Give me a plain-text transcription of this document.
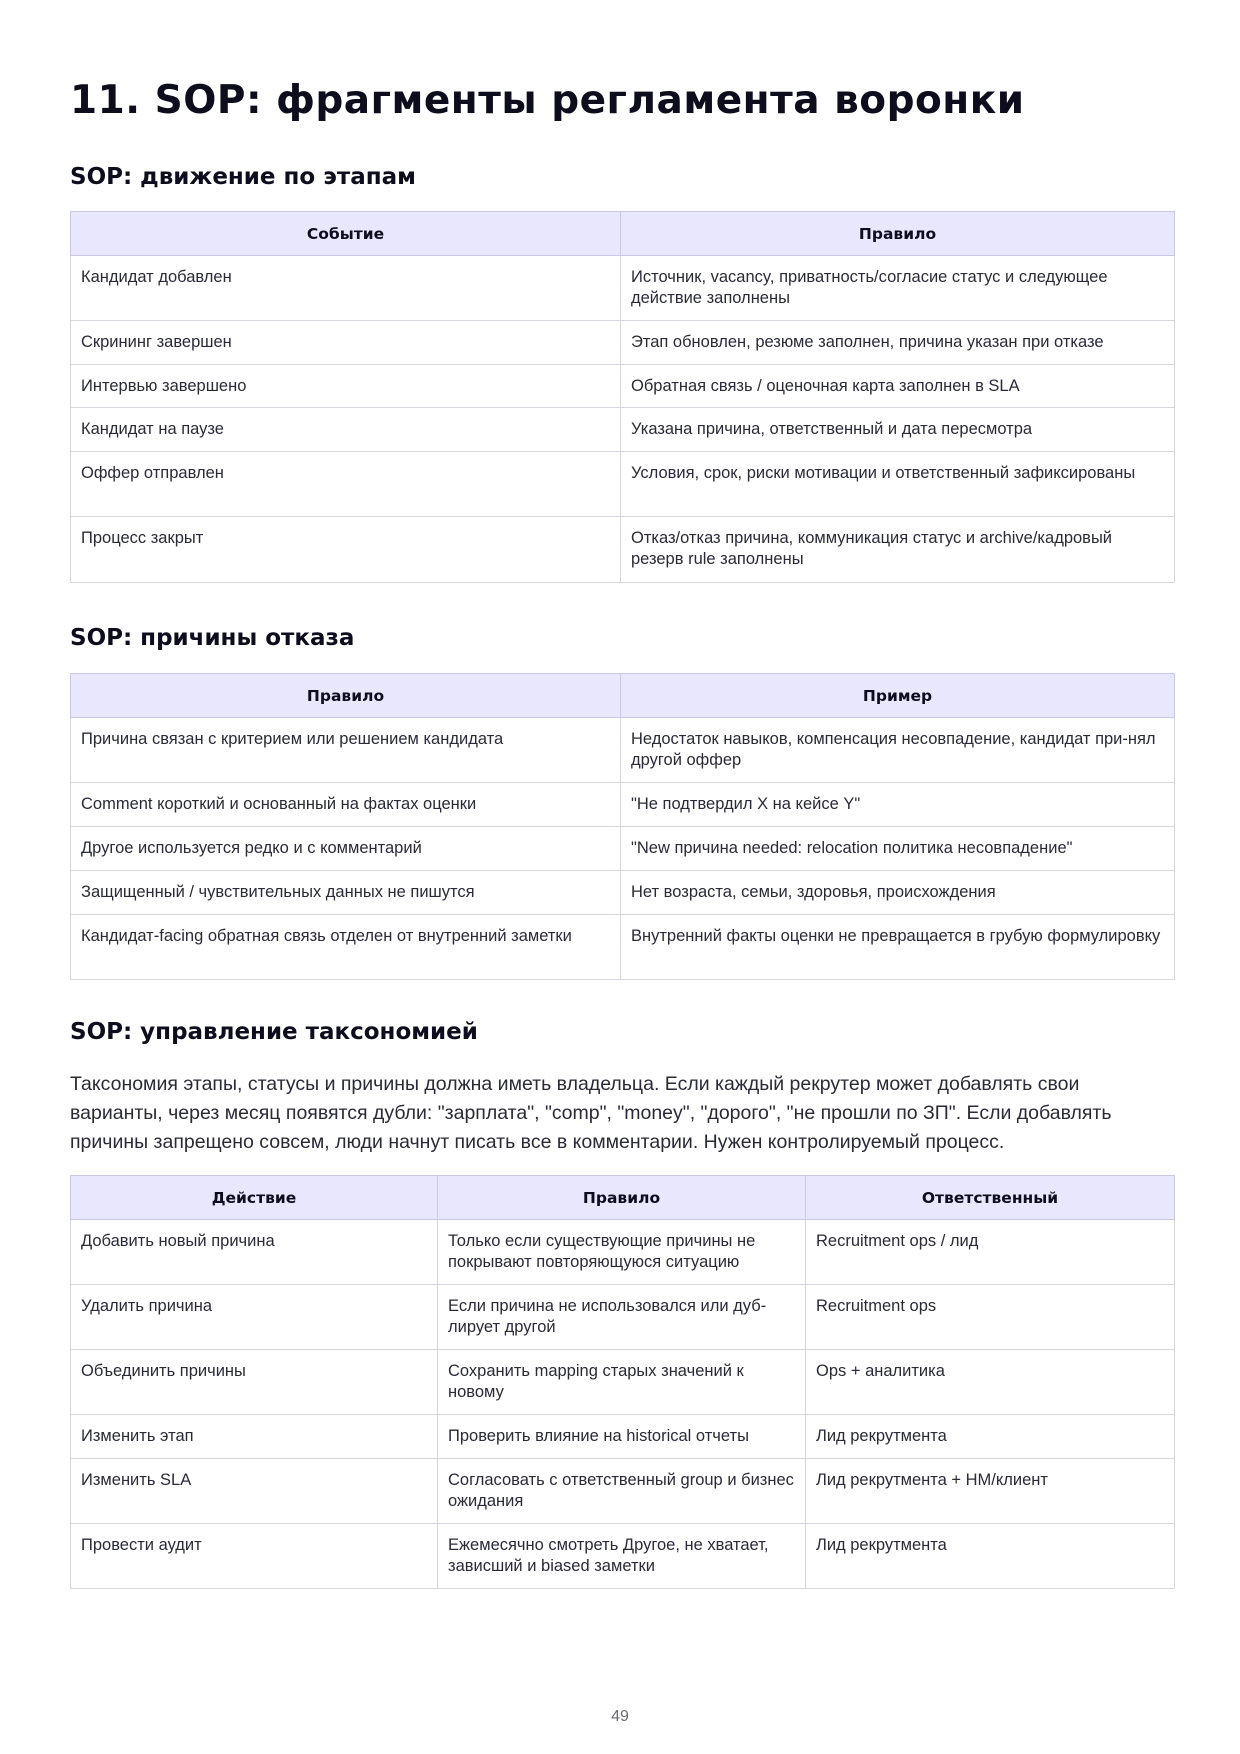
11. SOP: фрагменты регламента воронки
SOP: движение по этапам
Событие	Правило
Кандидат добавлен	Источник, vacancy, приватность/согласие статус и следующее действие заполнены
Скрининг завершен	Этап обновлен, резюме заполнен, причина указан при отказе
Интервью завершено	Обратная связь / оценочная карта заполнен в SLA
Кандидат на паузе	Указана причина, ответственный и дата пересмотра
Оффер отправлен	Условия, срок, риски мотивации и ответственный зафиксированы
Процесс закрыт	Отказ/отказ причина, коммуникация статус и archive/кадровый резерв rule заполнены
SOP: причины отказа
Правило	Пример
Причина связан с критерием или решением кандидата	Недостаток навыков, компенсация несовпадение, кандидат при-нял другой оффер
Comment короткий и основанный на фактах оценки	"Не подтвердил X на кейсе Y"
Другое используется редко и с комментарий	"New причина needed: relocation политика несовпадение"
Защищенный / чувствительных данных не пишутся	Нет возраста, семьи, здоровья, происхождения
Кандидат-facing обратная связь отделен от внутренний заметки	Внутренний факты оценки не превращается в грубую формулировку
SOP: управление таксономией

Таксономия этапы, статусы и причины должна иметь владельца. Если каждый рекрутер может добавлять свои варианты, через месяц появятся дубли: "зарплата", "comp", "money", "дорого", "не прошли по ЗП". Если добавлять причины запрещено совсем, люди начнут писать все в комментарии. Нужен контролируемый процесс.

Действие	Правило	Ответственный
Добавить новый причина	Только если существующие причины не покрывают повторяющуюся ситуацию	Recruitment ops / лид
Удалить причина	Если причина не использовался или дуб-лирует другой	Recruitment ops
Объединить причины	Сохранить mapping старых значений к новому	Ops + аналитика
Изменить этап	Проверить влияние на historical отчеты	Лид рекрутмента
Изменить SLA	Согласовать с ответственный group и бизнес ожидания	Лид рекрутмента + HM/клиент
Провести аудит	Ежемесячно смотреть Другое, не хватает, зависший и biased заметки	Лид рекрутмента
49
